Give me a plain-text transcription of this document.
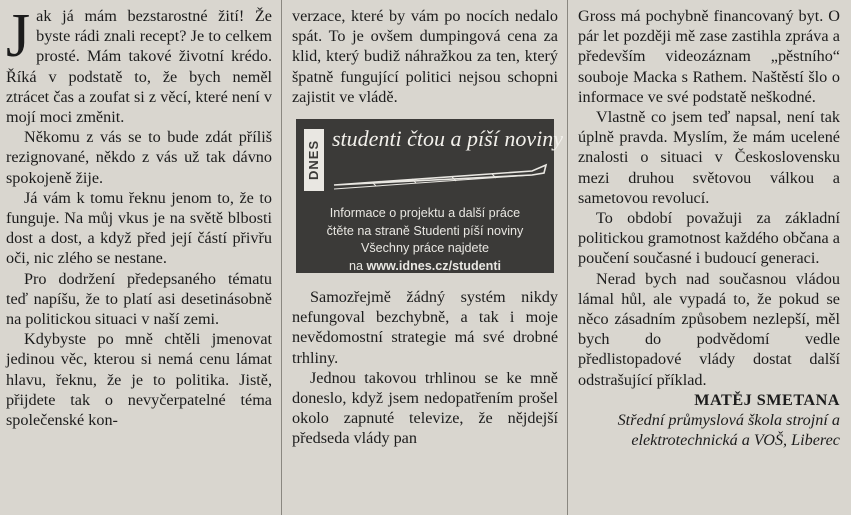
Jak já mám bezstarostné žití! Že byste rádi znali recept? Je to celkem prosté. Mám takové životní krédo. Říká v podstatě to, že bych neměl ztrácet čas a zoufat si z věcí, které není v mojí moci změnit.

Někomu z vás se to bude zdát příliš rezignované, někdo z vás už tak dávno spokojeně žije.

Já vám k tomu řeknu jenom to, že to funguje. Na můj vkus je na světě blbosti dost a dost, a když před její částí přivřu oči, nic zlého se nestane.

Pro dodržení předepsaného tématu teď napíšu, že to platí asi desetinásobně na politickou situaci v naší zemi.

Kdybyste po mně chtěli jmenovat jedinou věc, kterou si nemá cenu lámat hlavu, řeknu, že je to politika. Jistě, přijdete tak o nevyčerpatelné téma společenské kon-

verzace, které by vám po nocích nedalo spát. To je ovšem dumpingová cena za klid, který budiž náhražkou za ten, který špatně fungující politici nejsou schopni zajistit ve vládě.

DNES
studenti čtou a píší noviny
Informace o projektu a další práce
čtěte na straně Studenti píší noviny
Všechny práce najdete
na www.idnes.cz/studenti

Samozřejmě žádný systém nikdy nefungoval bezchybně, a tak i moje nevědomostní strategie má své drobné trhliny.

Jednou takovou trhlinou se ke mně doneslo, když jsem nedopatřením prošel okolo zapnuté televize, že nějdejší předseda vlády pan

Gross má pochybně financovaný byt. O pár let později mě zase zastihla zpráva a především videozáznam „pěstního“ souboje Macka s Rathem. Naštěstí šlo o informace ve své podstatě neškodné.

Vlastně co jsem teď napsal, není tak úplně pravda. Myslím, že mám ucelené znalosti o situaci v Československu mezi druhou světovou válkou a sametovou revolucí.

To období považuji za základní politickou gramotnost každého občana a poučení současné i budoucí generaci.

Nerad bych nad současnou vládou lámal hůl, ale vypadá to, že pokud se něco zásadním způsobem nezlepší, měl bych do podvědomí vedle předlistopadové vlády dostat další odstrašující příklad.

MATĚJ SMETANA

Střední průmyslová škola strojní a

elektrotechnická a VOŠ, Liberec
